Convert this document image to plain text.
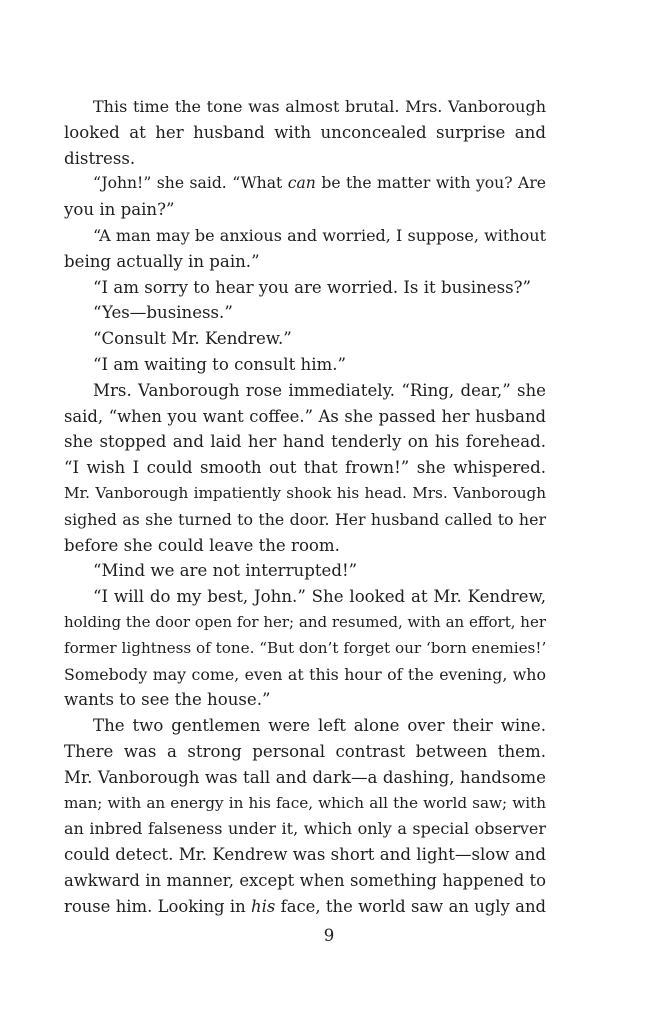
This time the tone was almost brutal. Mrs. Vanborough
looked at her husband with unconcealed surprise and
distress.
“John!” she said. “What can be the matter with you? Are
you in pain?”
“A man may be anxious and worried, I suppose, without
being actually in pain.”
“I am sorry to hear you are worried. Is it business?”
“Yes—business.”
“Consult Mr. Kendrew.”
“I am waiting to consult him.”
Mrs. Vanborough rose immediately. “Ring, dear,” she
said, “when you want coffee.” As she passed her husband
she stopped and laid her hand tenderly on his forehead.
“I wish I could smooth out that frown!” she whispered.
Mr. Vanborough impatiently shook his head. Mrs. Vanborough
sighed as she turned to the door. Her husband called to her
before she could leave the room.
“Mind we are not interrupted!”
“I will do my best, John.” She looked at Mr. Kendrew,
holding the door open for her; and resumed, with an effort, her
former lightness of tone. “But don’t forget our ‘born enemies!’
Somebody may come, even at this hour of the evening, who
wants to see the house.”
The two gentlemen were left alone over their wine.
There was a strong personal contrast between them.
Mr. Vanborough was tall and dark—a dashing, handsome
man; with an energy in his face, which all the world saw; with
an inbred falseness under it, which only a special observer
could detect. Mr. Kendrew was short and light—slow and
awkward in manner, except when something happened to
rouse him. Looking in his face, the world saw an ugly and
9
